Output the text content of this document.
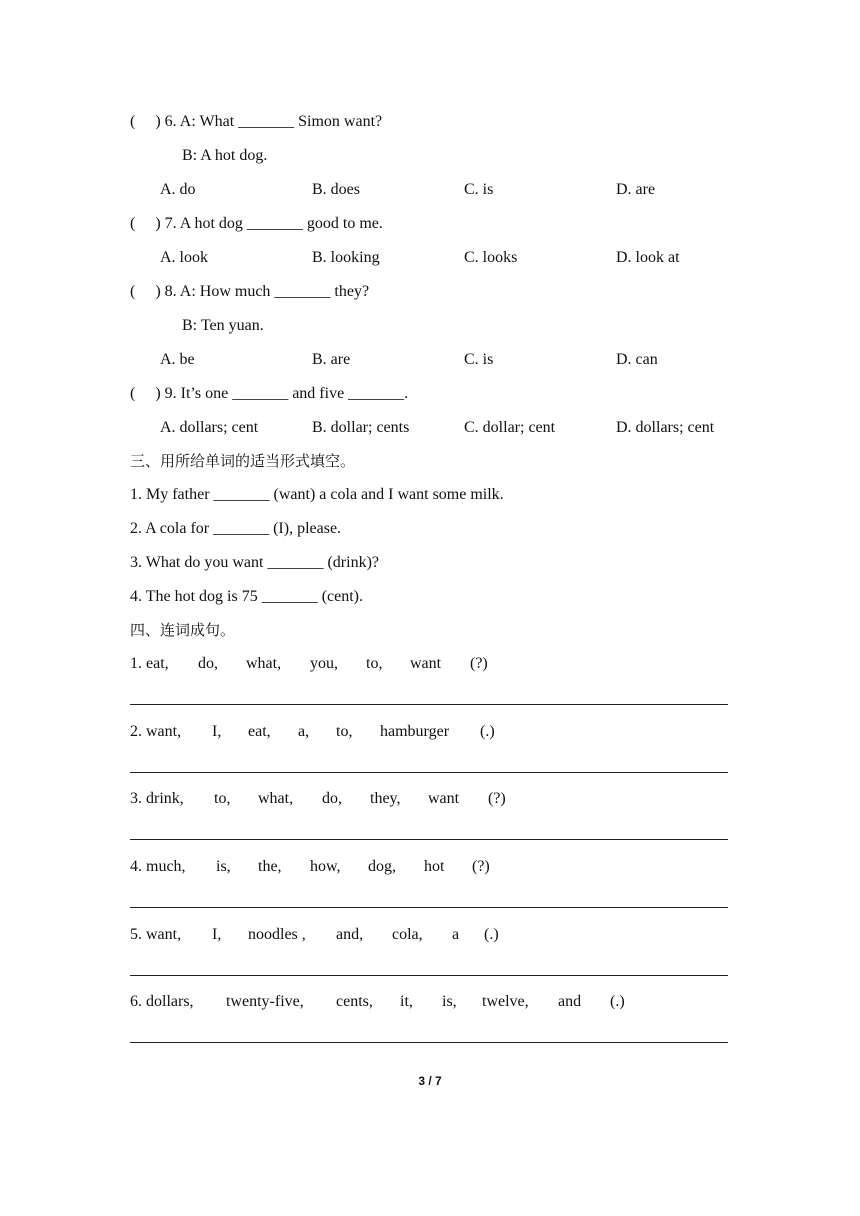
(     ) 6. A: What _______ Simon want?
B: A hot dog.
A. do	B. does	C. is	D. are
(     ) 7. A hot dog _______ good to me.
A. look	B. looking	C. looks	D. look at
(     ) 8. A: How much _______ they?
B: Ten yuan.
A. be	B. are	C. is	D. can
(     ) 9. It’s one _______ and five _______.
A. dollars; cent	B. dollar; cents	C. dollar; cent	D. dollars; cent
三、用所给单词的适当形式填空。
1. My father _______ (want) a cola and I want some milk.
2. A cola for _______ (I), please.
3. What do you want _______ (drink)?
4. The hot dog is 75 _______ (cent).
四、连词成句。
1. eat, do, what, you, to, want (?)
2. want, I, eat, a, to, hamburger (.)
3. drink, to, what, do, they, want (?)
4. much, is, the, how, dog, hot (?)
5. want, I, noodles , and, cola, a (.)
6. dollars, twenty-five, cents, it, is, twelve, and (.)
3 / 7
